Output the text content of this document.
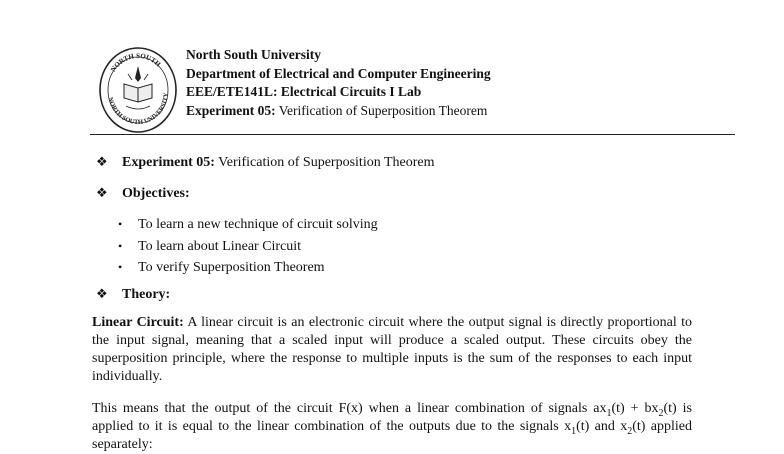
NORTH SOUTH
NORTH SOUTH UNIVERSITY
North South University
Department of Electrical and Computer Engineering
EEE/ETE141L: Electrical Circuits I Lab
Experiment 05: Verification of Superposition Theorem
❖ Experiment 05: Verification of Superposition Theorem
❖ Objectives:
•	To learn a new technique of circuit solving
•	To learn about Linear Circuit
•	To verify Superposition Theorem
❖ Theory:
Linear Circuit: A linear circuit is an electronic circuit where the output signal is directly proportional to the input signal, meaning that a scaled input will produce a scaled output. These circuits obey the superposition principle, where the response to multiple inputs is the sum of the responses to each input individually.
This means that the output of the circuit F(x) when a linear combination of signals $ax_1(t) + bx_2(t)$ is applied to it is equal to the linear combination of the outputs due to the signals $x_1(t)$ and $x_2(t)$ applied separately:
